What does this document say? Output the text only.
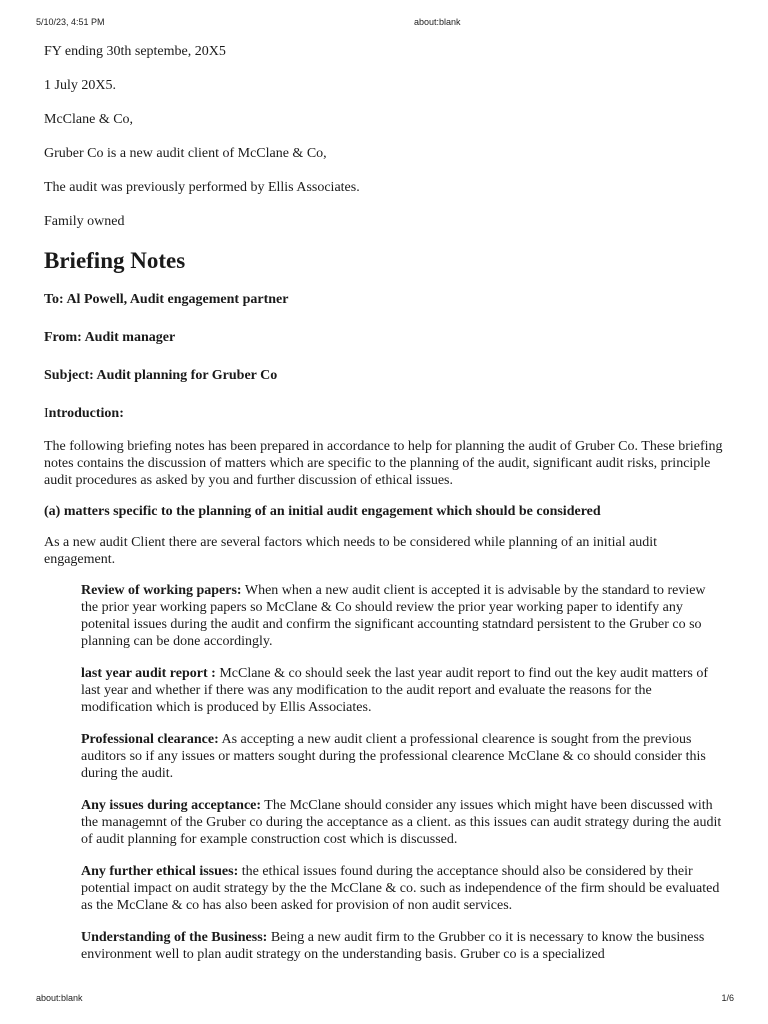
5/10/23, 4:51 PM	about:blank

FY ending 30th septembe, 20X5

1 July 20X5.

McClane & Co,

Gruber Co is a new audit client of McClane & Co,

The audit was previously performed by Ellis Associates.

Family owned

Briefing Notes

To: Al Powell, Audit engagement partner

From: Audit manager

Subject: Audit planning for Gruber Co

Introduction:

The following briefing notes has been prepared in accordance to help for planning the audit of Gruber Co. These briefing notes contains the discussion of matters which are specific to the planning of the audit, significant audit risks, principle audit procedures as asked by you and further discussion of ethical issues.

(a) matters specific to the planning of an initial audit engagement which should be considered

As a new audit Client there are several factors which needs to be considered while planning of an initial audit engagement.

Review of working papers: When when a new audit client is accepted it is advisable by the standard to review the prior year working papers so McClane & Co should review the prior year working paper to identify any potenital issues during the audit and confirm the significant accounting statndard persistent to the Gruber co so planning can be done accordingly.

last year audit report : McClane & co should seek the last year audit report to find out the key audit matters of last year and whether if there was any modification to the audit report and evaluate the reasons for the modification which is produced by Ellis Associates.

Professional clearance: As accepting a new audit client a professional clearence is sought from the previous auditors so if any issues or matters sought during the professional clearence McClane & co should consider this during the audit.

Any issues during acceptance: The McClane should consider any issues which might have been discussed with the managemnt of the Gruber co during the acceptance as a client. as this issues can audit strategy during the audit of audit planning for example construction cost which is discussed.

Any further ethical issues: the ethical issues found during the acceptance should also be considered by their potential impact on audit strategy by the the McClane & co. such as independence of the firm should be evaluated as the McClane & co has also been asked for provision of non audit services.

Understanding of the Business: Being a new audit firm to the Grubber co it is necessary to know the business environment well to plan audit strategy on the understanding basis. Gruber co is a specialized

about:blank	1/6
